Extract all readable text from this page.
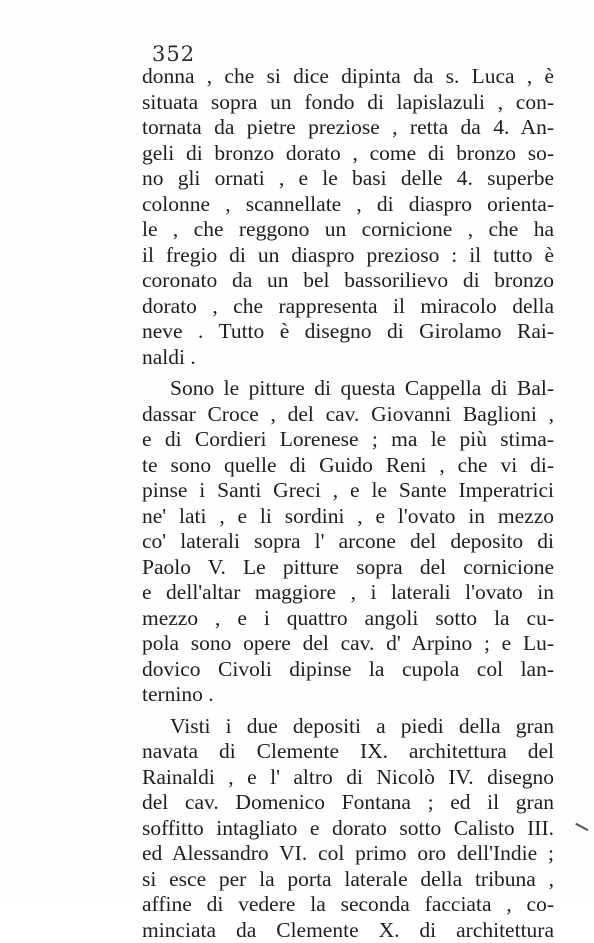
352
donna , che si dice dipinta da s. Luca , è
situata sopra un fondo di lapislazuli , con-
tornata da pietre preziose , retta da 4. An-
geli di bronzo dorato , come di bronzo so-
no gli ornati , e le basi delle 4. superbe
colonne , scannellate , di diaspro orienta-
le , che reggono un cornicione , che ha
il fregio di un diaspro prezioso : il tutto è
coronato da un bel bassorilievo di bronzo
dorato , che rappresenta il miracolo della
neve . Tutto è disegno di Girolamo Rai-
naldi .
Sono le pitture di questa Cappella di Bal-
dassar Croce , del cav. Giovanni Baglioni ,
e di Cordieri Lorenese ; ma le più stima-
te sono quelle di Guido Reni , che vi di-
pinse i Santi Greci , e le Sante Imperatrici
ne' lati , e li sordini , e l'ovato in mezzo
co' laterali sopra l' arcone del deposito di
Paolo V. Le pitture sopra del cornicione
e dell'altar maggiore , i laterali l'ovato in
mezzo , e i quattro angoli sotto la cu-
pola sono opere del cav. d' Arpino ; e Lu-
dovico Civoli dipinse la cupola col lan-
ternino .
Visti i due depositi a piedi della gran
navata di Clemente IX. architettura del
Rainaldi , e l' altro di Nicolò IV. disegno
del cav. Domenico Fontana ; ed il gran
soffitto intagliato e dorato sotto Calisto III.
ed Alessandro VI. col primo oro dell'Indie ;
si esce per la porta laterale della tribuna ,
affine di vedere la seconda facciata , co-
minciata da Clemente X. di architettura
